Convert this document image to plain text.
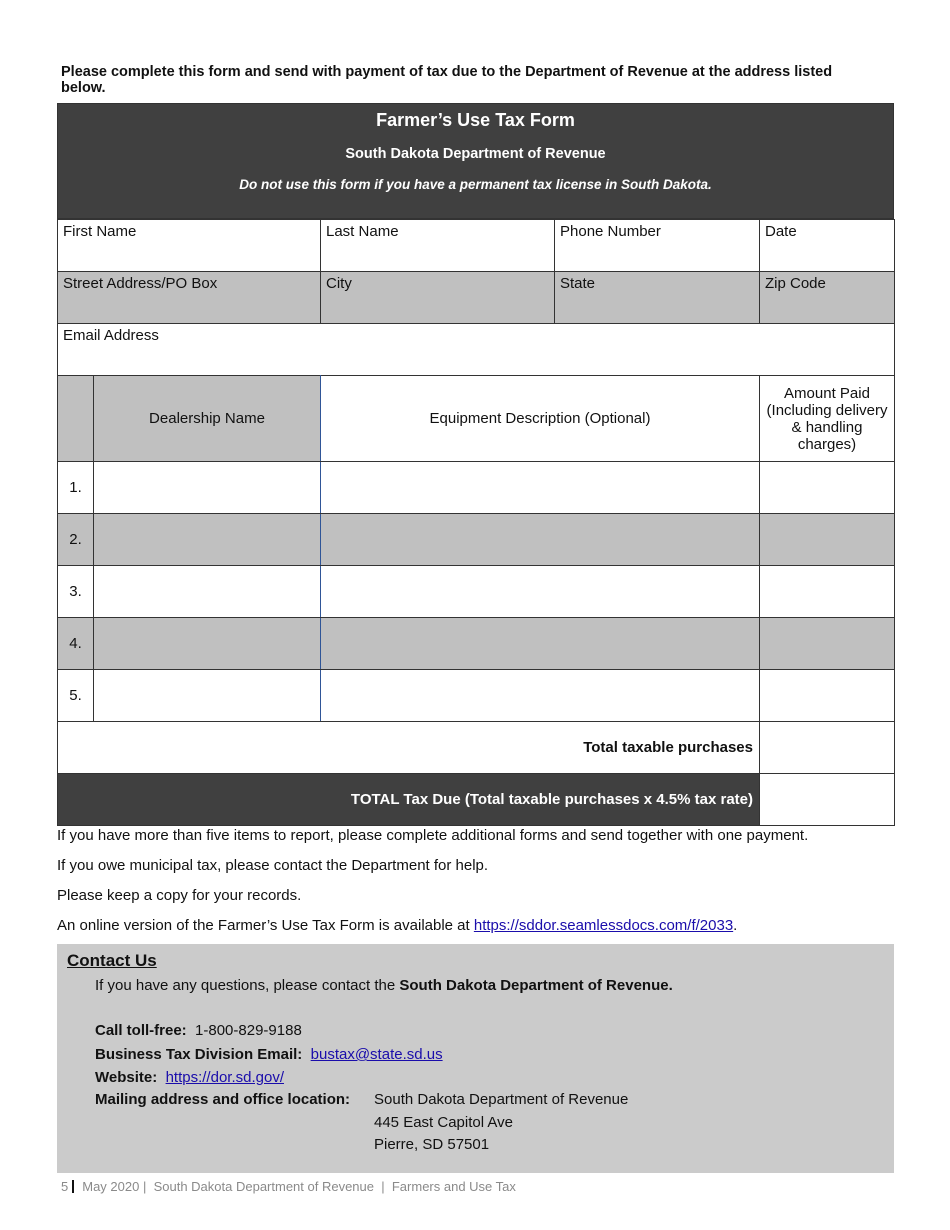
Please complete this form and send with payment of tax due to the Department of Revenue at the address listed below.
Farmer’s Use Tax Form
South Dakota Department of Revenue
Do not use this form if you have a permanent tax license in South Dakota.
First Name	Last Name	Phone Number	Date
Street Address/PO Box	City	State	Zip Code
Email Address			
	Dealership Name	Equipment Description (Optional)	Amount Paid (Including delivery & handling charges)
1.			
2.			
3.			
4.			
5.			
Total taxable purchases			
TOTAL Tax Due (Total taxable purchases x 4.5% tax rate)			

If you have more than five items to report, please complete additional forms and send together with one payment.

If you owe municipal tax, please contact the Department for help.

Please keep a copy for your records.

An online version of the Farmer’s Use Tax Form is available at https://sddor.seamlessdocs.com/f/2033.

Contact Us
If you have any questions, please contact the South Dakota Department of Revenue.
Call toll-free: 1-800-829-9188
Business Tax Division Email: bustax@state.sd.us
Website: https://dor.sd.gov/
Mailing address and office location: South Dakota Department of Revenue
445 East Capitol Ave
Pierre, SD 57501
5 May 2020 | South Dakota Department of Revenue | Farmers and Use Tax
